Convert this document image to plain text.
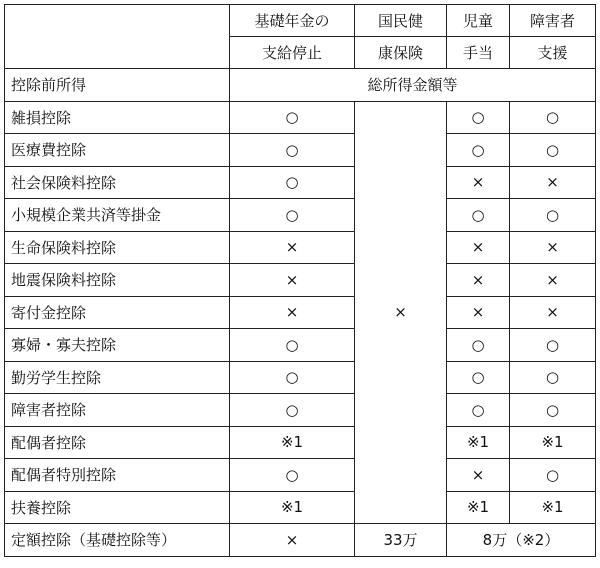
	基礎年金の	国民健	児童	障害者
	支給停止	康保険	手当	支援
控除前所得	総所得金額等			
雑損控除	○	×	○	○
医療費控除	○		○	○
社会保険料控除	○		×	×
小規模企業共済等掛金	○		○	○
生命保険料控除	×		×	×
地震保険料控除	×		×	×
寄付金控除	×		×	×
寡婦・寡夫控除	○		○	○
勤労学生控除	○		○	○
障害者控除	○		○	○
配偶者控除	※1		※1	※1
配偶者特別控除	○		×	○
扶養控除	※1		※1	※1
定額控除（基礎控除等）	×	33万	8万（※2）	
